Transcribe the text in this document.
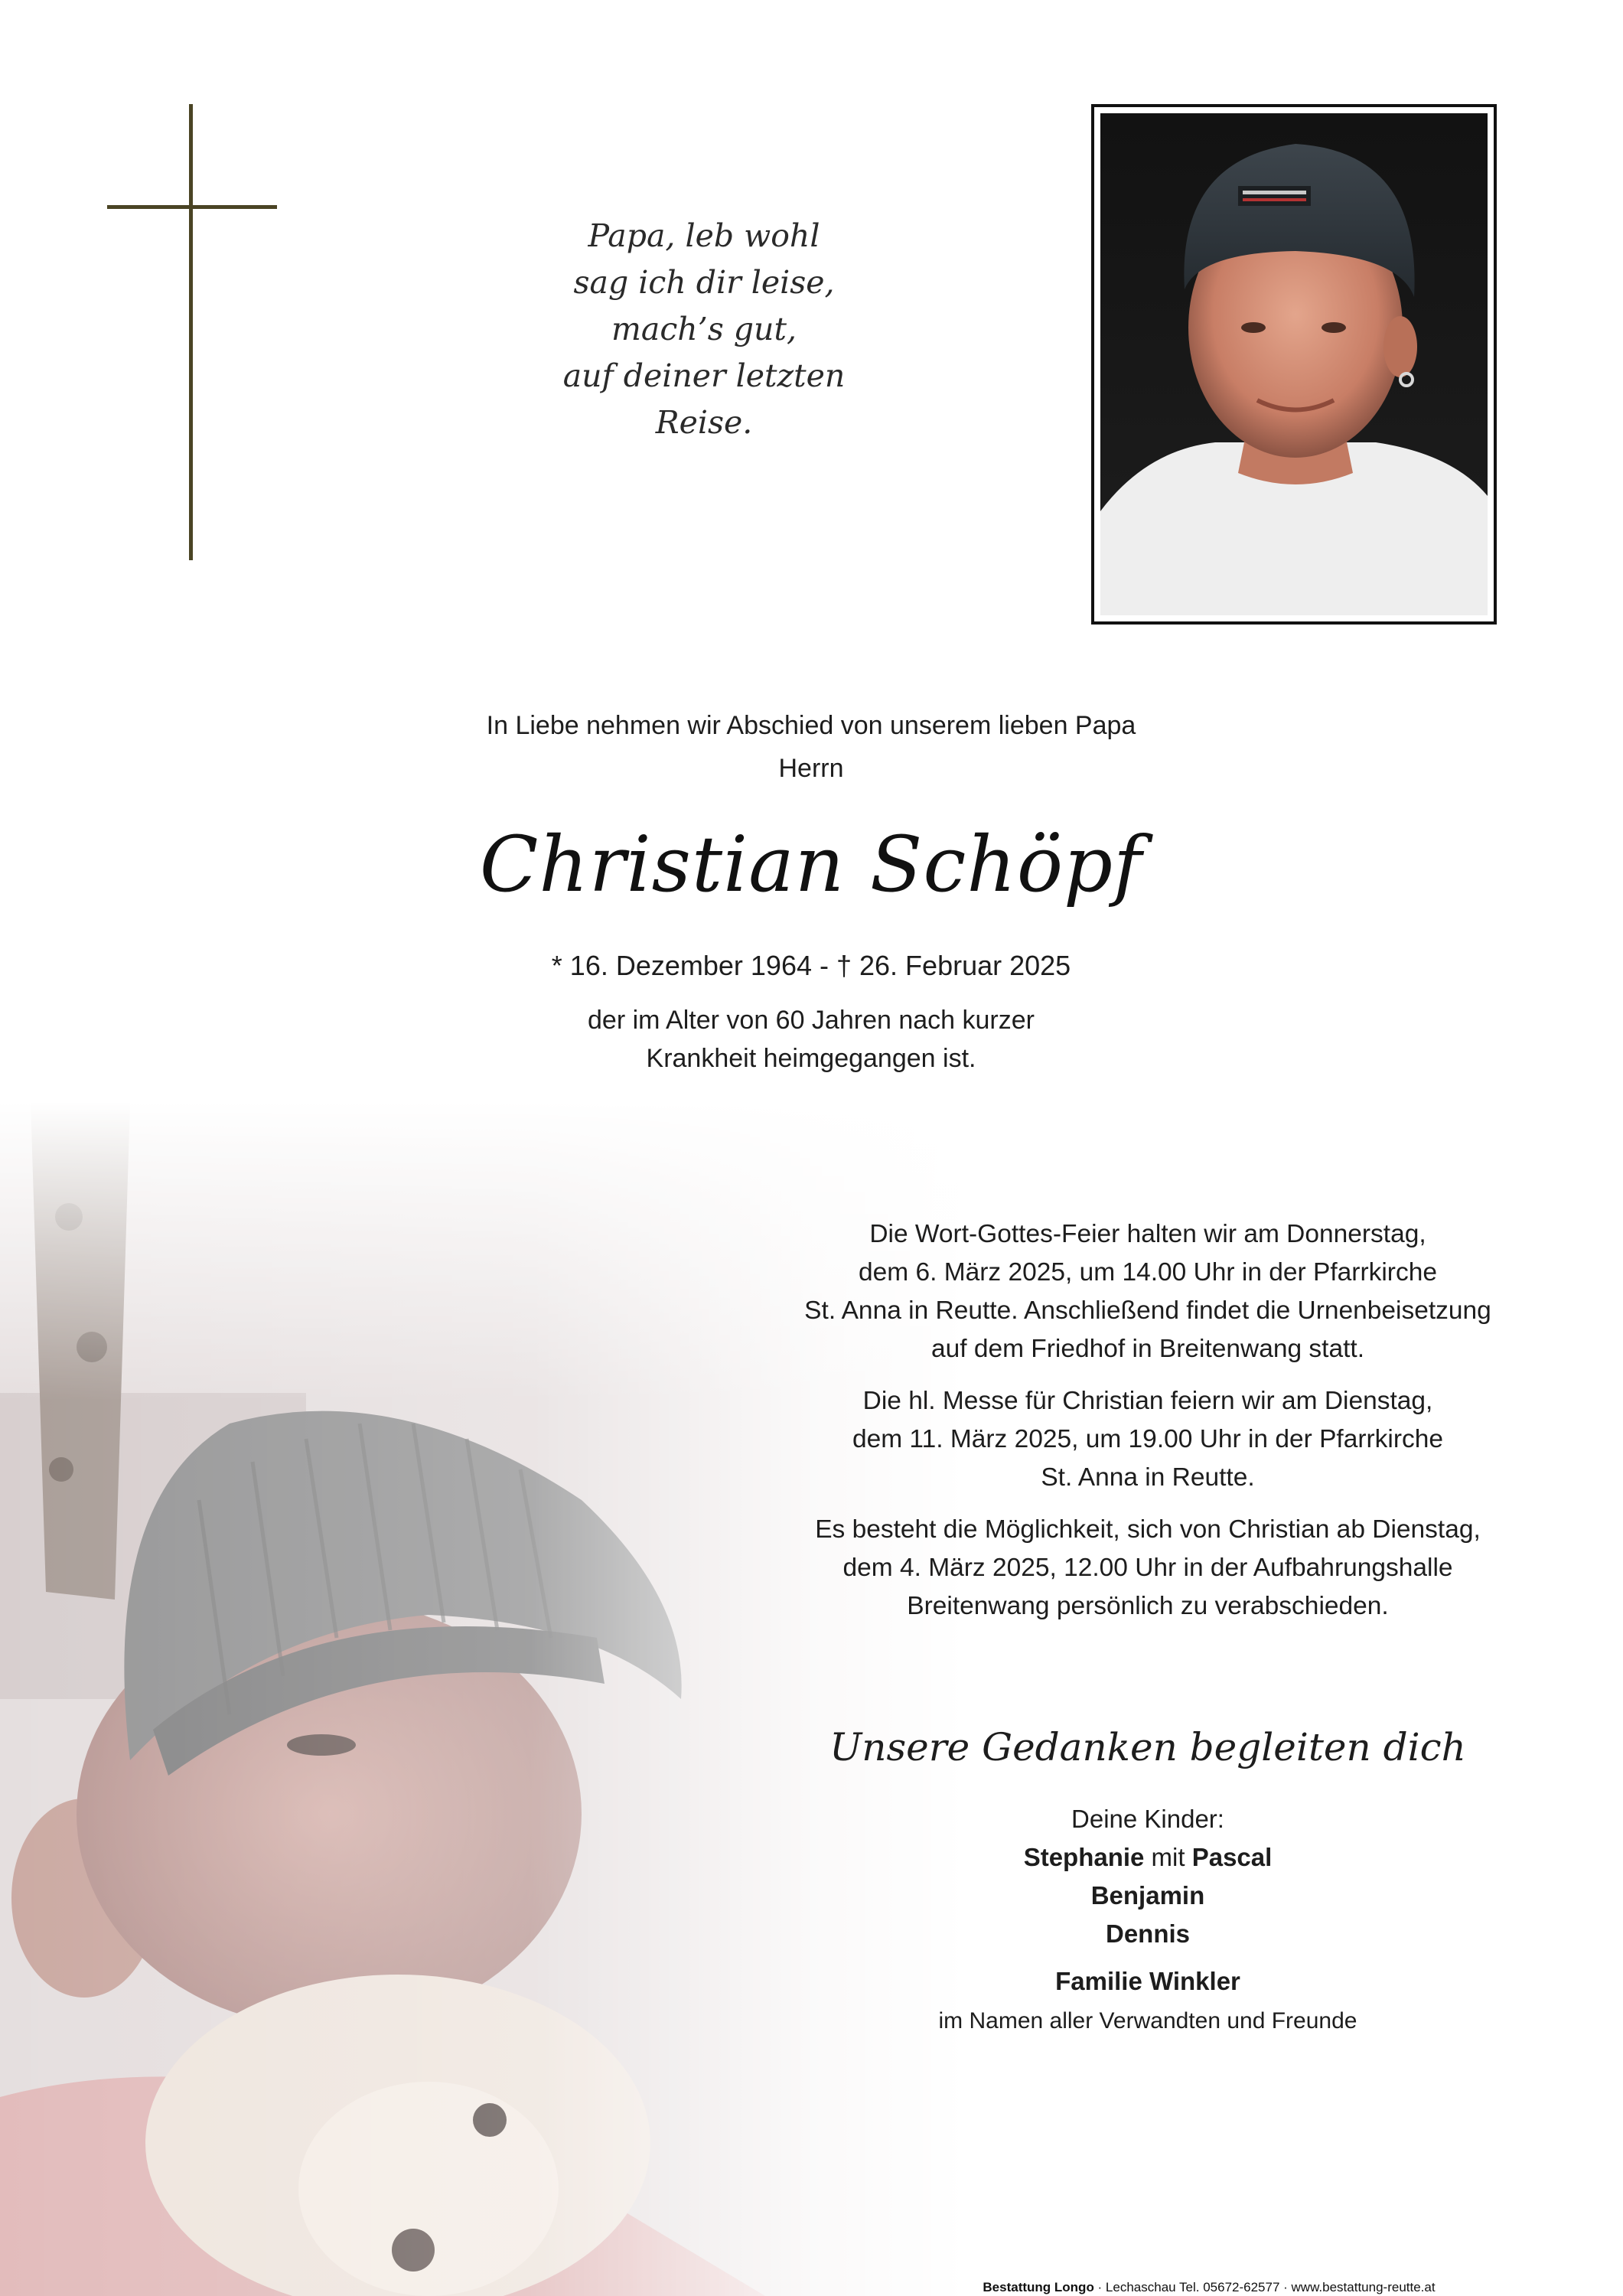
Papa, leb wohl
sag ich dir leise,
mach’s gut,
auf deiner letzten
Reise.
In Liebe nehmen wir Abschied von unserem lieben Papa
Herrn
Christian Schöpf
* 16. Dezember 1964 - † 26. Februar 2025
der im Alter von 60 Jahren nach kurzer
Krankheit heimgegangen ist.
Die Wort-Gottes-Feier halten wir am Donnerstag,
dem 6. März 2025, um 14.00 Uhr in der Pfarrkirche
St. Anna in Reutte. Anschließend findet die Urnenbeisetzung
auf dem Friedhof in Breitenwang statt.
Die hl. Messe für Christian feiern wir am Dienstag,
dem 11. März 2025, um 19.00 Uhr in der Pfarrkirche
St. Anna in Reutte.
Es besteht die Möglichkeit, sich von Christian ab Dienstag,
dem 4. März 2025, 12.00 Uhr in der Aufbahrungshalle
Breitenwang persönlich zu verabschieden.
Unsere Gedanken begleiten dich
Deine Kinder:
Stephanie mit Pascal
Benjamin
Dennis
Familie Winkler
im Namen aller Verwandten und Freunde
Bestattung Longo · Lechaschau Tel. 05672-62577 · www.bestattung-reutte.at
